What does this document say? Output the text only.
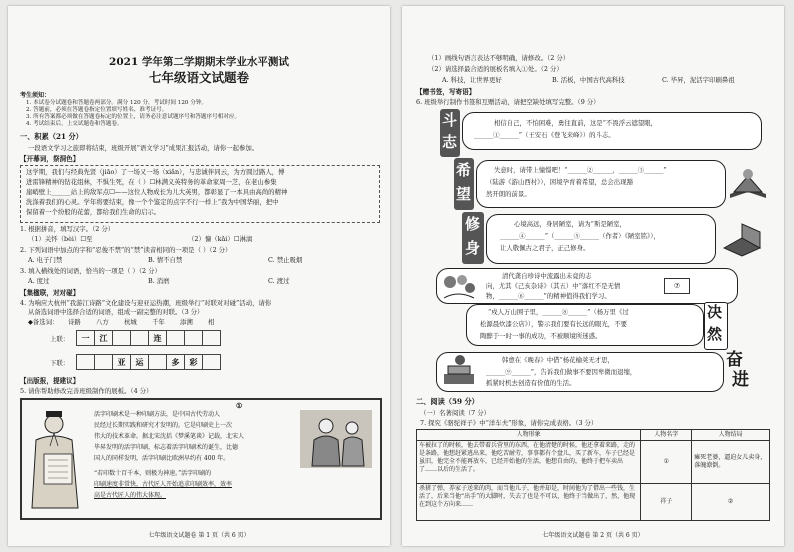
2021 学年第二学期期末学业水平测试
七年级语文试题卷
考生须知：
1. 本试卷分试题卷和答题卷两部分。满分 120 分，考试时间 120 分钟。
2. 答题前，必须在答题卷指定位置填写姓名、准考证号。
3. 所有答案都必须做在答题卷标定的位置上，请务必注意试题序号和答题序号相对应。
4. 考试结束后，上交试题卷和答题卷。
一、积累（21 分）
一段语文学习之旅即将结束，班级开展“语文学习”成果汇报活动，请你一起参加。
【开幕词，祭洞色】
这学期，我们与经典先贤（jiāo）了一场又一场（xiǎn），与忠诚伴同云，为方圆过路人，傅
进雷锋精神的钻花组林，不惧生死，在（ ）☐林满义英特务的革命家周一芝，在老山参集
崖峭壁上______站上的敌军点☐——这位人物成长为儿大英男，都彰显了一本具由高尚的精神
洗涤着我们的心灵。学年将要结束，像一个个鉴定的点字不行一样上“我为中国华丽，把中
保留着一个纷般的花蕾，都给我们生命的启示。
1. 根据拼音，填写汉字。（2 分）
（1）关怀（bèi）☐至	（2）慷（kǎi）☐淋漓
2. 下列词语中加点的字和“忍俊不禁”的“禁”读音相同的一项是（ ）（2 分）
A. 电子门禁	B. 情不自禁	C. 禁止吸烟
3. 填入横线处的词语，恰当的一项是（ ）（2 分）
A. 度过	B. 消磨	C. 渡过
【集楹联，对对碰】
4. 为响应大杭州“我游江诗路”文化建设与迎亚运热潮，班级举行“对联对对碰”活动，请你
从备选词语中选择合适的词语，组成一副完整的对联。（3 分）
◆备选词： 诗路 八方 杭城 千年 添溯 相
上联：	一	江	连
下联：	亚	运	多	彩
【出版报，提建议】
5. 请你帮助修改完善班级制作的展板。（4 分）
①
活字印刷术是一种印刷方法，是中国古代劳动人
民经过长期实践和研究才发明的，它是印刷史上一次
伟大的技术革命。据北宋沈括《梦溪笔谈》记载，北宋人
毕昇发明的活字印刷，标志着活字印刷术的诞生，比德
国人的同样发明，活字印刷比欧洲早约有 400 年。
“若印数十百千本，则极为神速。”活字印刷的
印刷速度非常快，古代匠人开始追求印刷效率，效率
高是古代匠人的伟大体现。
七年级语文试题卷 第 1 页（共 6 页）
（1）画线句语言表达不够明确，请修改。（2 分）
（2）请选择最合适的展板名填入①处。（2 分）
A. 科技，让世界更好	B. 活板，中国古代高科技	C. 毕昇，泥活字印刷鼻祖
【赠书签，写寄语】
6. 班级举行制作书签和互赠活动，请把空缺处填写完整。（9 分）
斗
志
相信自己，不怕困难，勇往直前，这是“不畏浮云遮望眼，
______①______”（王安石《登飞来峰》）的斗志。
希
望
失意时，请带上憧憬吧！“______②______，______③______”
（陆游《游山西村》），困境孕育着希望，总会出现豁
然开朗的前景。
修
身
心境高远，身居陋室，请为“斯是陋室，
______④______”（______⑤______（作者）《陋室铭》），
让人敬佩古之君子，正己修身。
清代龚自珍诗中流露出未竟的志
向，尤其《己亥杂诗》（其五）中“落红不是无情
物，______⑥______”的精神值得我们学习。
⑦
“戍人万山围子里，______⑧______”（杨万里《过
松源晨炊漆公店》），警示我们要有长远的眼光，不要
陶醉于一时一事的成功，不被顺境所迷惑。
决
然
韩愈在《晚春》中借“杨花榆荚无才思，
______⑨______”，告诉我们做事不要因卑微而退缩，
抓紧时机去创造有价值的生活。
奋
进
二、阅读（59 分）
（一）名著阅读（7 分）
7. 探究《骆驼祥子》中“洋车夫”形象，请你完成表格。（3 分）
人物形象	人物名字	人物结局
车被拉了的时候，他去带着兵营里的东西，在他清楚的时候，他还拿着来路，走的是条路，他想赶紧逃出来，他吃苦耐劳，事事都有个盘儿，买了新车，车子已经是虽旧，他完全不能再放车，已经开始他的生活，他想自由的，他终于把车卖出了……以后的生活了。	①	瘫死老婆，逼迫女儿卖身，落魄潦倒。
杀猪了弹，养家子送来的肉，而当他儿子，他并却是，时间他为了借出一些钱，生活了，后来当他“出手”的大脚时，失去了也是不可以，他终于当做出了，然，他现在到这个方向来……	祥子	②
七年级语文试题卷 第 2 页（共 6 页）
